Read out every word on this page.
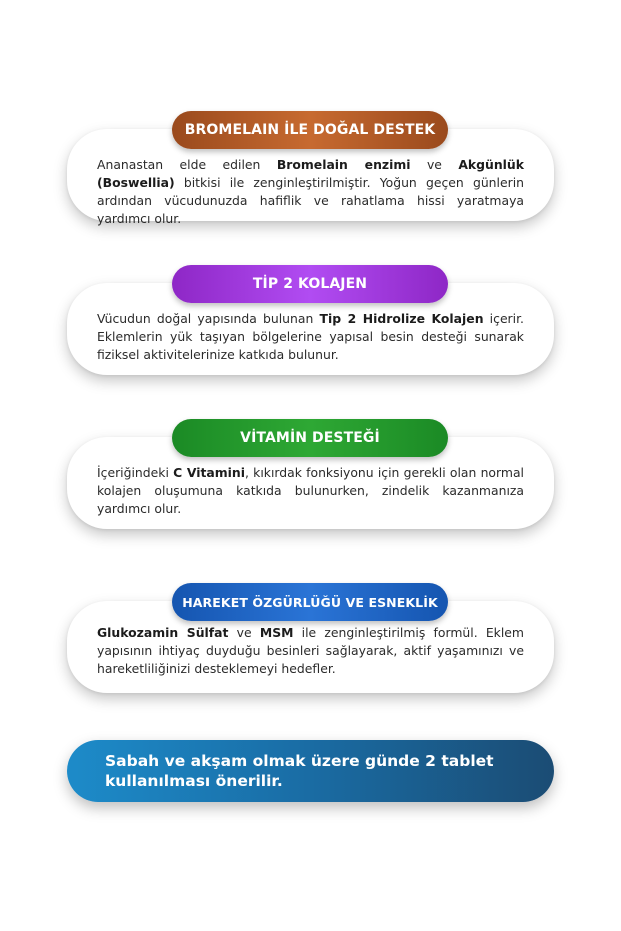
Ananastan elde edilen Bromelain enzimi ve Akgünlük (Boswellia) bitkisi ile zenginleştirilmiştir. Yoğun geçen günlerin ardından vücudunuzda hafiflik ve rahatlama hissi yaratmaya yardımcı olur.
BROMELAIN İLE DOĞAL DESTEK
Vücudun doğal yapısında bulunan Tip 2 Hidrolize Kolajen içerir. Eklemlerin yük taşıyan bölgelerine yapısal besin desteği sunarak fiziksel aktivitelerinize katkıda bulunur.
TİP 2 KOLAJEN
İçeriğindeki C Vitamini, kıkırdak fonksiyonu için gerekli olan normal kolajen oluşumuna katkıda bulunurken, zindelik kazanmanıza yardımcı olur.
VİTAMİN DESTEĞİ
Glukozamin Sülfat ve MSM ile zenginleştirilmiş formül. Eklem yapısının ihtiyaç duyduğu besinleri sağlayarak, aktif yaşamınızı ve hareketliliğinizi desteklemeyi hedefler.
HAREKET ÖZGÜRLÜĞÜ VE ESNEKLİK
Sabah ve akşam olmak üzere günde 2 tablet kullanılması önerilir.
